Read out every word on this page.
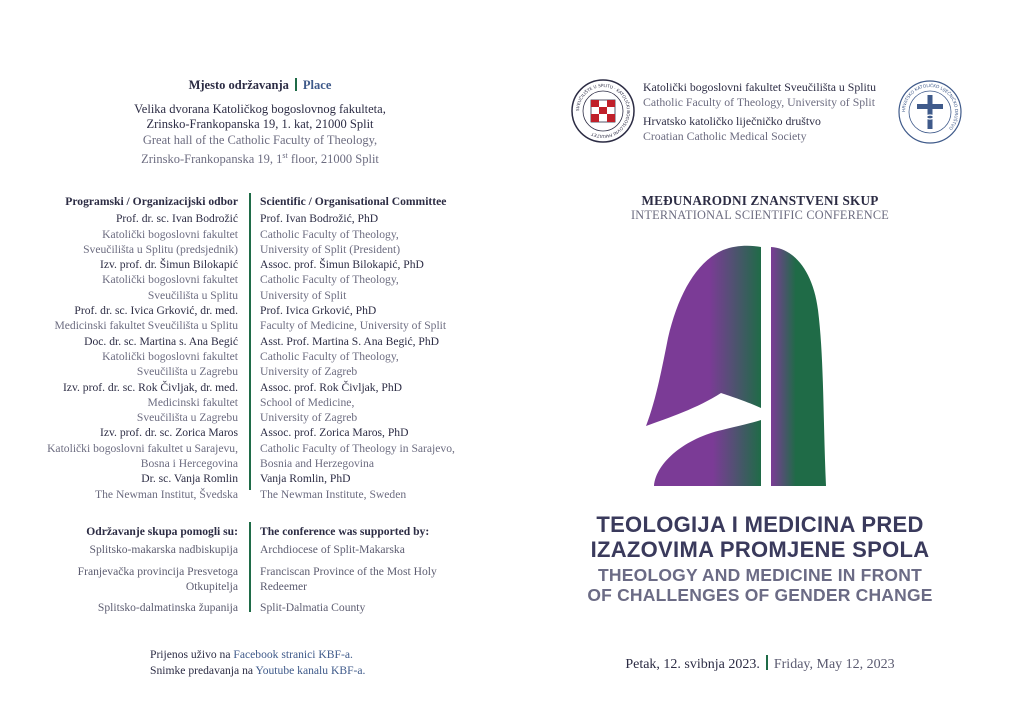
Mjesto održavanja Place
Velika dvorana Katoličkog bogoslovnog fakulteta,
Zrinsko-Frankopanska 19, 1. kat, 21000 Split
Great hall of the Catholic Faculty of Theology,
Zrinsko-Frankopanska 19, 1st floor, 21000 Split
Programski / Organizacijski odbor
Prof. dr. sc. Ivan Bodrožić
Katolički bogoslovni fakultet
Sveučilišta u Splitu (predsjednik)
Izv. prof. dr. Šimun Bilokapić
Katolički bogoslovni fakultet
Sveučilišta u Splitu
Prof. dr. sc. Ivica Grković, dr. med.
Medicinski fakultet Sveučilišta u Splitu
Doc. dr. sc. Martina s. Ana Begić
Katolički bogoslovni fakultet
Sveučilišta u Zagrebu
Izv. prof. dr. sc. Rok Čivljak, dr. med.
Medicinski fakultet
Sveučilišta u Zagrebu
Izv. prof. dr. sc. Zorica Maros
Katolički bogoslovni fakultet u Sarajevu,
Bosna i Hercegovina
Dr. sc. Vanja Romlin
The Newman Institut, Švedska
Scientific / Organisational Committee
Prof. Ivan Bodrožić, PhD
Catholic Faculty of Theology,
University of Split (President)
Assoc. prof. Šimun Bilokapić, PhD
Catholic Faculty of Theology,
University of Split
Prof. Ivica Grković, PhD
Faculty of Medicine, University of Split
Asst. Prof. Martina S. Ana Begić, PhD
Catholic Faculty of Theology,
University of Zagreb
Assoc. prof. Rok Čivljak, PhD
School of Medicine,
University of Zagreb
Assoc. prof. Zorica Maros, PhD
Catholic Faculty of Theology in Sarajevo,
Bosnia and Herzegovina
Vanja Romlin, PhD
The Newman Institute, Sweden
Održavanje skupa pomogli su:
Splitsko-makarska nadbiskupija
Franjevačka provincija Presvetoga
Otkupitelja
Splitsko-dalmatinska županija
The conference was supported by:
Archdiocese of Split-Makarska
Franciscan Province of the Most Holy
Redeemer
Split-Dalmatia County
Prijenos uživo na Facebook stranici KBF-a.
Snimke predavanja na Youtube kanalu KBF-a.
SVEUČILIŠTE U SPLITU · KATOLIČKI BOGOSLOVNI FAKULTET
Katolički bogoslovni fakultet Sveučilišta u Splitu
Catholic Faculty of Theology, University of Split
Hrvatsko katoličko liječničko društvo
Croatian Catholic Medical Society
HRVATSKO KATOLIČKO LIJEČNIČKO DRUŠTVO
MEĐUNARODNI ZNANSTVENI SKUP
INTERNATIONAL SCIENTIFIC CONFERENCE
TEOLOGIJA I MEDICINA PRED
IZAZOVIMA PROMJENE SPOLA
THEOLOGY AND MEDICINE IN FRONT
OF CHALLENGES OF GENDER CHANGE
Petak, 12. svibnja 2023. Friday, May 12, 2023
